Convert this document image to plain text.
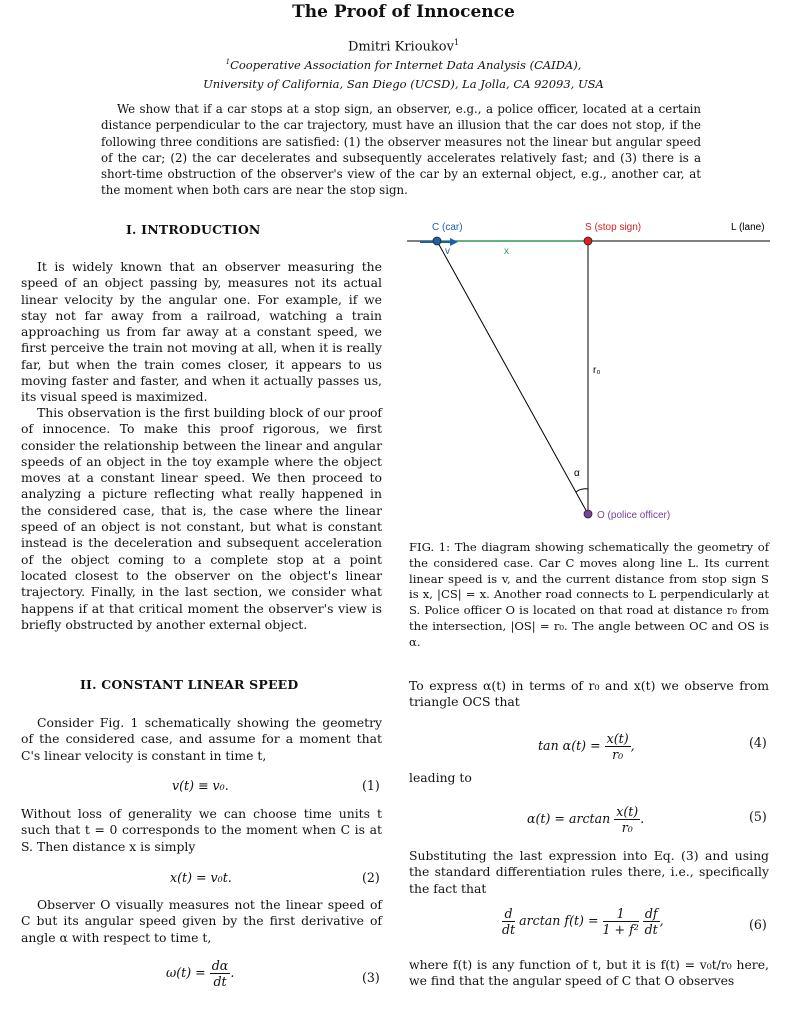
The Proof of Innocence
Dmitri Krioukov$^1$
$^1$Cooperative Association for Internet Data Analysis (CAIDA),
University of California, San Diego (UCSD), La Jolla, CA 92093, USA
We show that if a car stops at a stop sign, an observer, e.g., a police officer, located at a certain distance perpendicular to the car trajectory, must have an illusion that the car does not stop, if the following three conditions are satisfied: (1) the observer measures not the linear but angular speed of the car; (2) the car decelerates and subsequently accelerates relatively fast; and (3) there is a short-time obstruction of the observer's view of the car by an external object, e.g., another car, at the moment when both cars are near the stop sign.
I. INTRODUCTION
It is widely known that an observer measuring the speed of an object passing by, measures not its actual linear velocity by the angular one. For example, if we stay not far away from a railroad, watching a train approaching us from far away at a constant speed, we first perceive the train not moving at all, when it is really far, but when the train comes closer, it appears to us moving faster and faster, and when it actually passes us, its visual speed is maximized.
This observation is the first building block of our proof of innocence. To make this proof rigorous, we first consider the relationship between the linear and angular speeds of an object in the toy example where the object moves at a constant linear speed. We then proceed to analyzing a picture reflecting what really happened in the considered case, that is, the case where the linear speed of an object is not constant, but what is constant instead is the deceleration and subsequent acceleration of the object coming to a complete stop at a point located closest to the observer on the object's linear trajectory. Finally, in the last section, we consider what happens if at that critical moment the observer's view is briefly obstructed by another external object.
II. CONSTANT LINEAR SPEED
Consider Fig. 1 schematically showing the geometry of the considered case, and assume for a moment that C's linear velocity is constant in time t,
v(t) ≡ v₀.	(1)
Without loss of generality we can choose time units t such that t = 0 corresponds to the moment when C is at S. Then distance x is simply
x(t) = v₀t.	(2)
Observer O visually measures not the linear speed of C but its angular speed given by the first derivative of angle α with respect to time t,
$\omega(t) = \frac{d\alpha}{dt}$ .	(3)
C (car)	S (stop sign)	L (lane)
v	x
r₀
α
O (police officer)
FIG. 1: The diagram showing schematically the geometry of the considered case. Car C moves along line L. Its current linear speed is v, and the current distance from stop sign S is x, |CS| = x. Another road connects to L perpendicularly at S. Police officer O is located on that road at distance r₀ from the intersection, |OS| = r₀. The angle between OC and OS is α.
To express α(t) in terms of r₀ and x(t) we observe from triangle OCS that
$\tan \alpha(t) = \frac{x(t)}{\text{r₀}}$ ,	(4)
leading to
$\alpha(t) = \arctan \frac{x(t)}{\text{r₀}}$ .	(5)
Substituting the last expression into Eq. (3) and using the standard differentiation rules there, i.e., specifically the fact that
$\frac{d}{dt}$ $\arctan f(t) = \frac{1}{\text{1 + f²}}$
$\frac{df}{dt}$ ,	(6)
where f(t) is any function of t, but it is f(t) = v₀t/r₀ here, we find that the angular speed of C that O observes
